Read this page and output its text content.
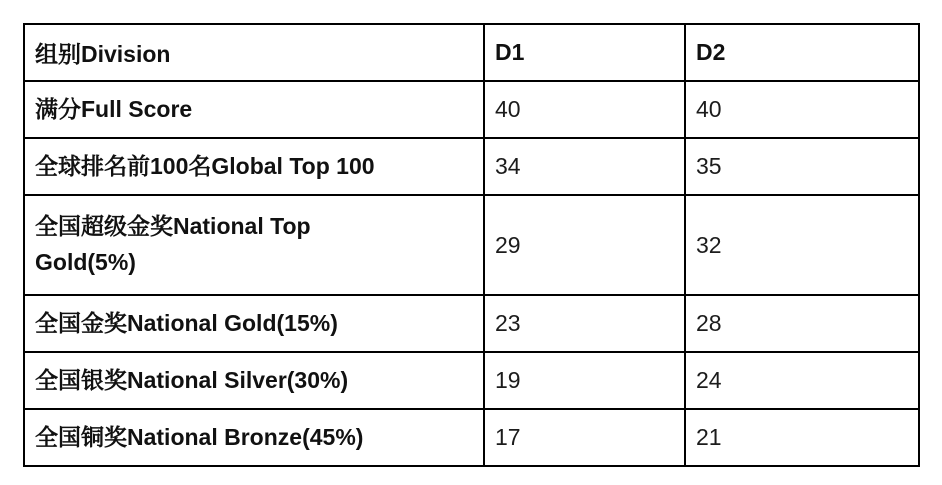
组别Division	D1	D2

满分Full Score	40	40

全球排名前100名Global Top 100	34	35

全国超级金奖National Top Gold(5%)	29	32

全国金奖National Gold(15%)	23	28

全国银奖National Silver(30%)	19	24

全国铜奖National Bronze(45%)	17	21
